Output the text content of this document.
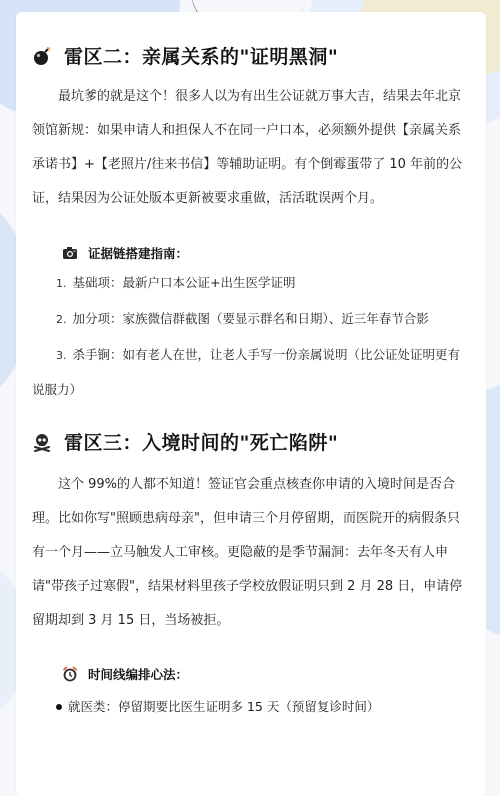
雷区二：亲属关系的"证明黑洞"

最坑爹的就是这个！很多人以为有出生公证就万事大吉，结果去年北京领馆新规：如果申请人和担保人不在同一户口本，必须额外提供【亲属关系承诺书】+【老照片/往来书信】等辅助证明。有个倒霉蛋带了 10 年前的公证，结果因为公证处版本更新被要求重做，活活耽误两个月。

证据链搭建指南：
1. 基础项：最新户口本公证+出生医学证明
2. 加分项：家族微信群截图（要显示群名和日期）、近三年春节合影
3. 杀手锏：如有老人在世，让老人手写一份亲属说明（比公证处证明更有说服力）
雷区三：入境时间的"死亡陷阱"

这个 99%的人都不知道！签证官会重点核查你申请的入境时间是否合理。比如你写"照顾患病母亲"，但申请三个月停留期，而医院开的病假条只有一个月——立马触发人工审核。更隐蔽的是季节漏洞：去年冬天有人申请"带孩子过寒假"，结果材料里孩子学校放假证明只到 2 月 28 日，申请停留期却到 3 月 15 日，当场被拒。

时间线编排心法：
就医类：停留期要比医生证明多 15 天（预留复诊时间）
